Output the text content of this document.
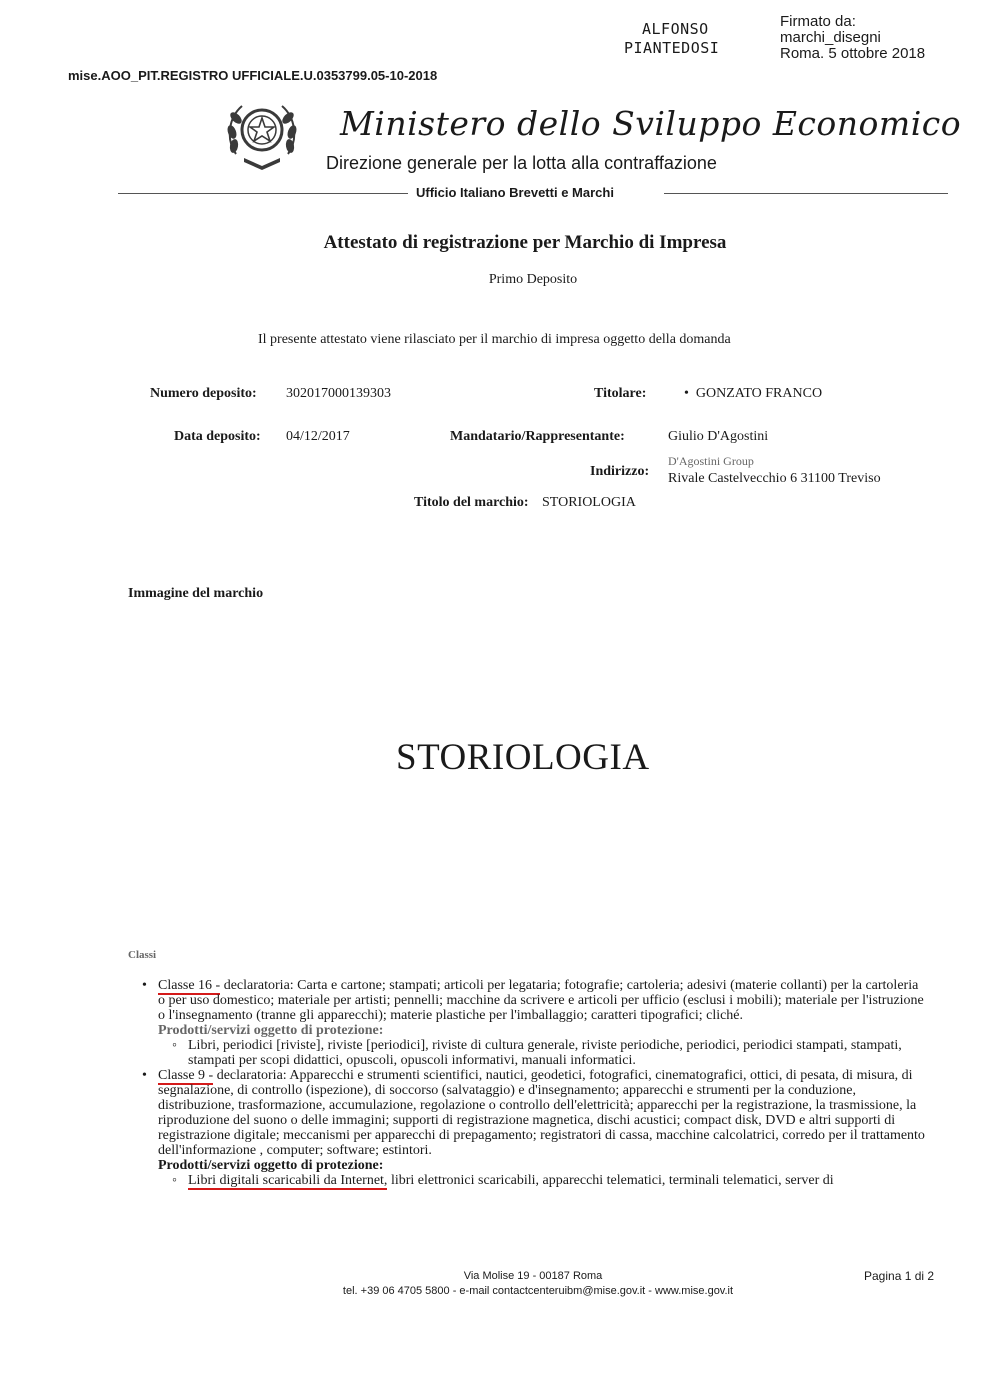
mise.AOO_PIT.REGISTRO UFFICIALE.U.0353799.05-10-2018
ALFONSO
PIANTEDOSI
Firmato da:
marchi_disegni
Roma. 5 ottobre 2018
Ministero dello Sviluppo Economico
Direzione generale per la lotta alla contraffazione
Ufficio Italiano Brevetti e Marchi
Attestato di registrazione per Marchio di Impresa
Primo Deposito
Il presente attestato viene rilasciato per il marchio di impresa oggetto della domanda
Numero deposito: 302017000139303	Titolare:	•  GONZATO FRANCO
Data deposito: 04/12/2017	Mandatario/Rappresentante:	Giulio D'Agostini
Indirizzo:
D'Agostini Group
Rivale Castelvecchio 6 31100 Treviso
Titolo del marchio: STORIOLOGIA
Immagine del marchio
STORIOLOGIA
Classi
• Classe 16 - declaratoria: Carta e cartone; stampati; articoli per legataria; fotografie; cartoleria; adesivi (materie collanti) per la cartoleria o per uso domestico; materiale per artisti; pennelli; macchine da scrivere e articoli per ufficio (esclusi i mobili); materiale per l'istruzione o l'insegnamento (tranne gli apparecchi); materie plastiche per l'imballaggio; caratteri tipografici; cliché.
Prodotti/servizi oggetto di protezione:
◦ Libri, periodici [riviste], riviste [periodici], riviste di cultura generale, riviste periodiche, periodici, periodici stampati, stampati, stampati per scopi didattici, opuscoli, opuscoli informativi, manuali informatici.
• Classe 9 - declaratoria: Apparecchi e strumenti scientifici, nautici, geodetici, fotografici, cinematografici, ottici, di pesata, di misura, di segnalazione, di controllo (ispezione), di soccorso (salvataggio) e d'insegnamento; apparecchi e strumenti per la conduzione, distribuzione, trasformazione, accumulazione, regolazione o controllo dell'elettricità; apparecchi per la registrazione, la trasmissione, la riproduzione del suono o delle immagini; supporti di registrazione magnetica, dischi acustici; compact disk, DVD e altri supporti di registrazione digitale; meccanismi per apparecchi di prepagamento; registratori di cassa, macchine calcolatrici, corredo per il trattamento dell'informazione , computer; software; estintori.
Prodotti/servizi oggetto di protezione:
◦ Libri digitali scaricabili da Internet, libri elettronici scaricabili, apparecchi telematici, terminali telematici, server di
Via Molise 19 - 00187 Roma
tel. +39 06 4705 5800 - e-mail contactcenteruibm@mise.gov.it - www.mise.gov.it
Pagina 1 di 2
